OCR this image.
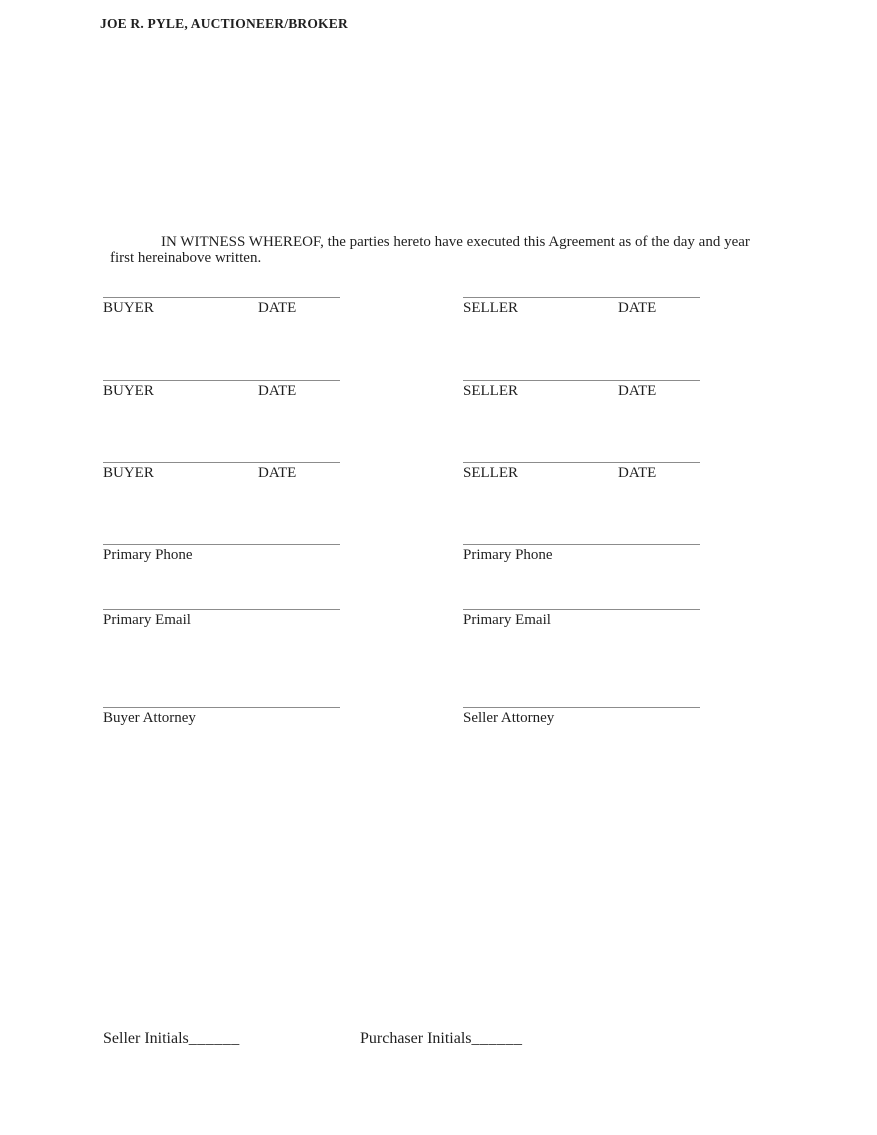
JOE R. PYLE, AUCTIONEER/BROKER

IN WITNESS WHEREOF, the parties hereto have executed this Agreement as of the day and year first hereinabove written.

BUYER	DATE	SELLER	DATE
BUYER	DATE	SELLER	DATE
BUYER	DATE	SELLER	DATE
Primary Phone	Primary Phone
Primary Email	Primary Email
Buyer Attorney	Seller Attorney
Seller Initials______	Purchaser Initials______
